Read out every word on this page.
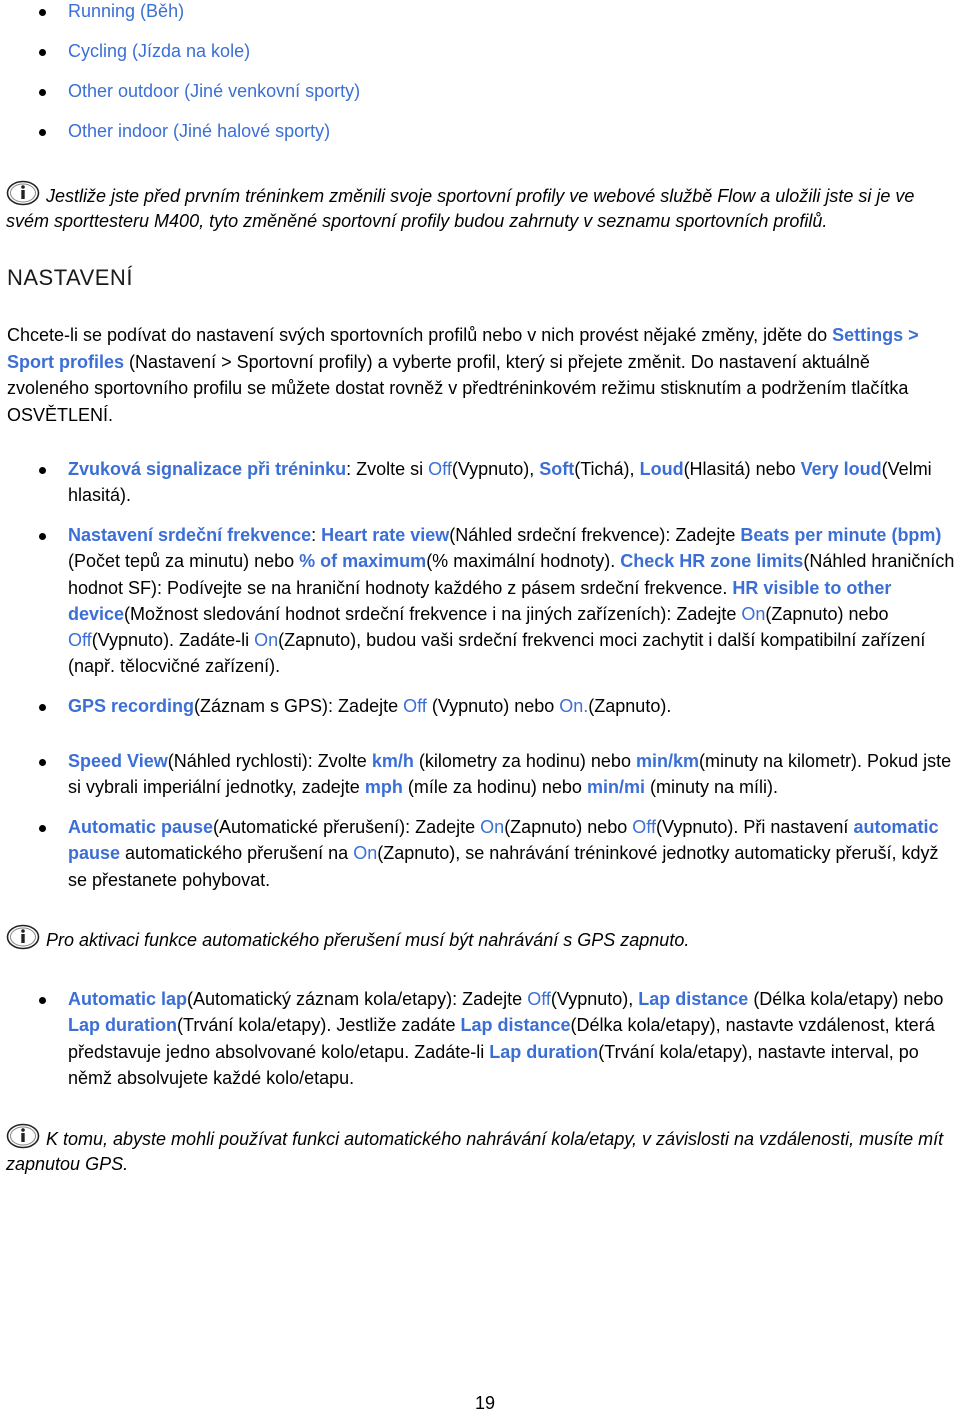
Running (Běh)
Cycling (Jízda na kole)
Other outdoor (Jiné venkovní sporty)
Other indoor (Jiné halové sporty)
Jestliže jste před prvním tréninkem změnili svoje sportovní profily ve webové službě Flow a uložili jste si je ve svém sporttesteru M400, tyto změněné sportovní profily budou zahrnuty v seznamu sportovních profilů.
NASTAVENÍ
Chcete-li se podívat do nastavení svých sportovních profilů nebo v nich provést nějaké změny, jděte do Settings > Sport profiles (Nastavení > Sportovní profily) a vyberte profil, který si přejete změnit. Do nastavení aktuálně zvoleného sportovního profilu se můžete dostat rovněž v předtréninkovém režimu stisknutím a podržením tlačítka OSVĚTLENÍ.
Zvuková signalizace při tréninku: Zvolte si Off(Vypnuto), Soft(Tichá), Loud(Hlasitá) nebo Very loud(Velmi hlasitá).
Nastavení srdeční frekvence: Heart rate view(Náhled srdeční frekvence): Zadejte Beats per minute (bpm) (Počet tepů za minutu) nebo % of maximum(% maximální hodnoty). Check HR zone limits(Náhled hraničních hodnot SF): Podívejte se na hraniční hodnoty každého z pásem srdeční frekvence. HR visible to other device(Možnost sledování hodnot srdeční frekvence i na jiných zařízeních): Zadejte On(Zapnuto) nebo Off(Vypnuto). Zadáte-li On(Zapnuto), budou vaši srdeční frekvenci moci zachytit i další kompatibilní zařízení (např. tělocvičné zařízení).
GPS recording(Záznam s GPS): Zadejte Off (Vypnuto) nebo On.(Zapnuto).
Speed View(Náhled rychlosti): Zvolte km/h (kilometry za hodinu) nebo min/km(minuty na kilometr). Pokud jste si vybrali imperiální jednotky, zadejte mph (míle za hodinu) nebo min/mi (minuty na míli).
Automatic pause(Automatické přerušení): Zadejte On(Zapnuto) nebo Off(Vypnuto). Při nastavení automatic pause automatického přerušení na On(Zapnuto), se nahrávání tréninkové jednotky automaticky přeruší, když se přestanete pohybovat.
Pro aktivaci funkce automatického přerušení musí být nahrávání s GPS zapnuto.
Automatic lap(Automatický záznam kola/etapy): Zadejte Off(Vypnuto), Lap distance (Délka kola/etapy) nebo Lap duration(Trvání kola/etapy). Jestliže zadáte Lap distance(Délka kola/etapy), nastavte vzdálenost, která představuje jedno absolvované kolo/etapu. Zadáte-li Lap duration(Trvání kola/etapy), nastavte interval, po němž absolvujete každé kolo/etapu.
K tomu, abyste mohli používat funkci automatického nahrávání kola/etapy, v závislosti na vzdálenosti, musíte mít zapnutou GPS.
19
